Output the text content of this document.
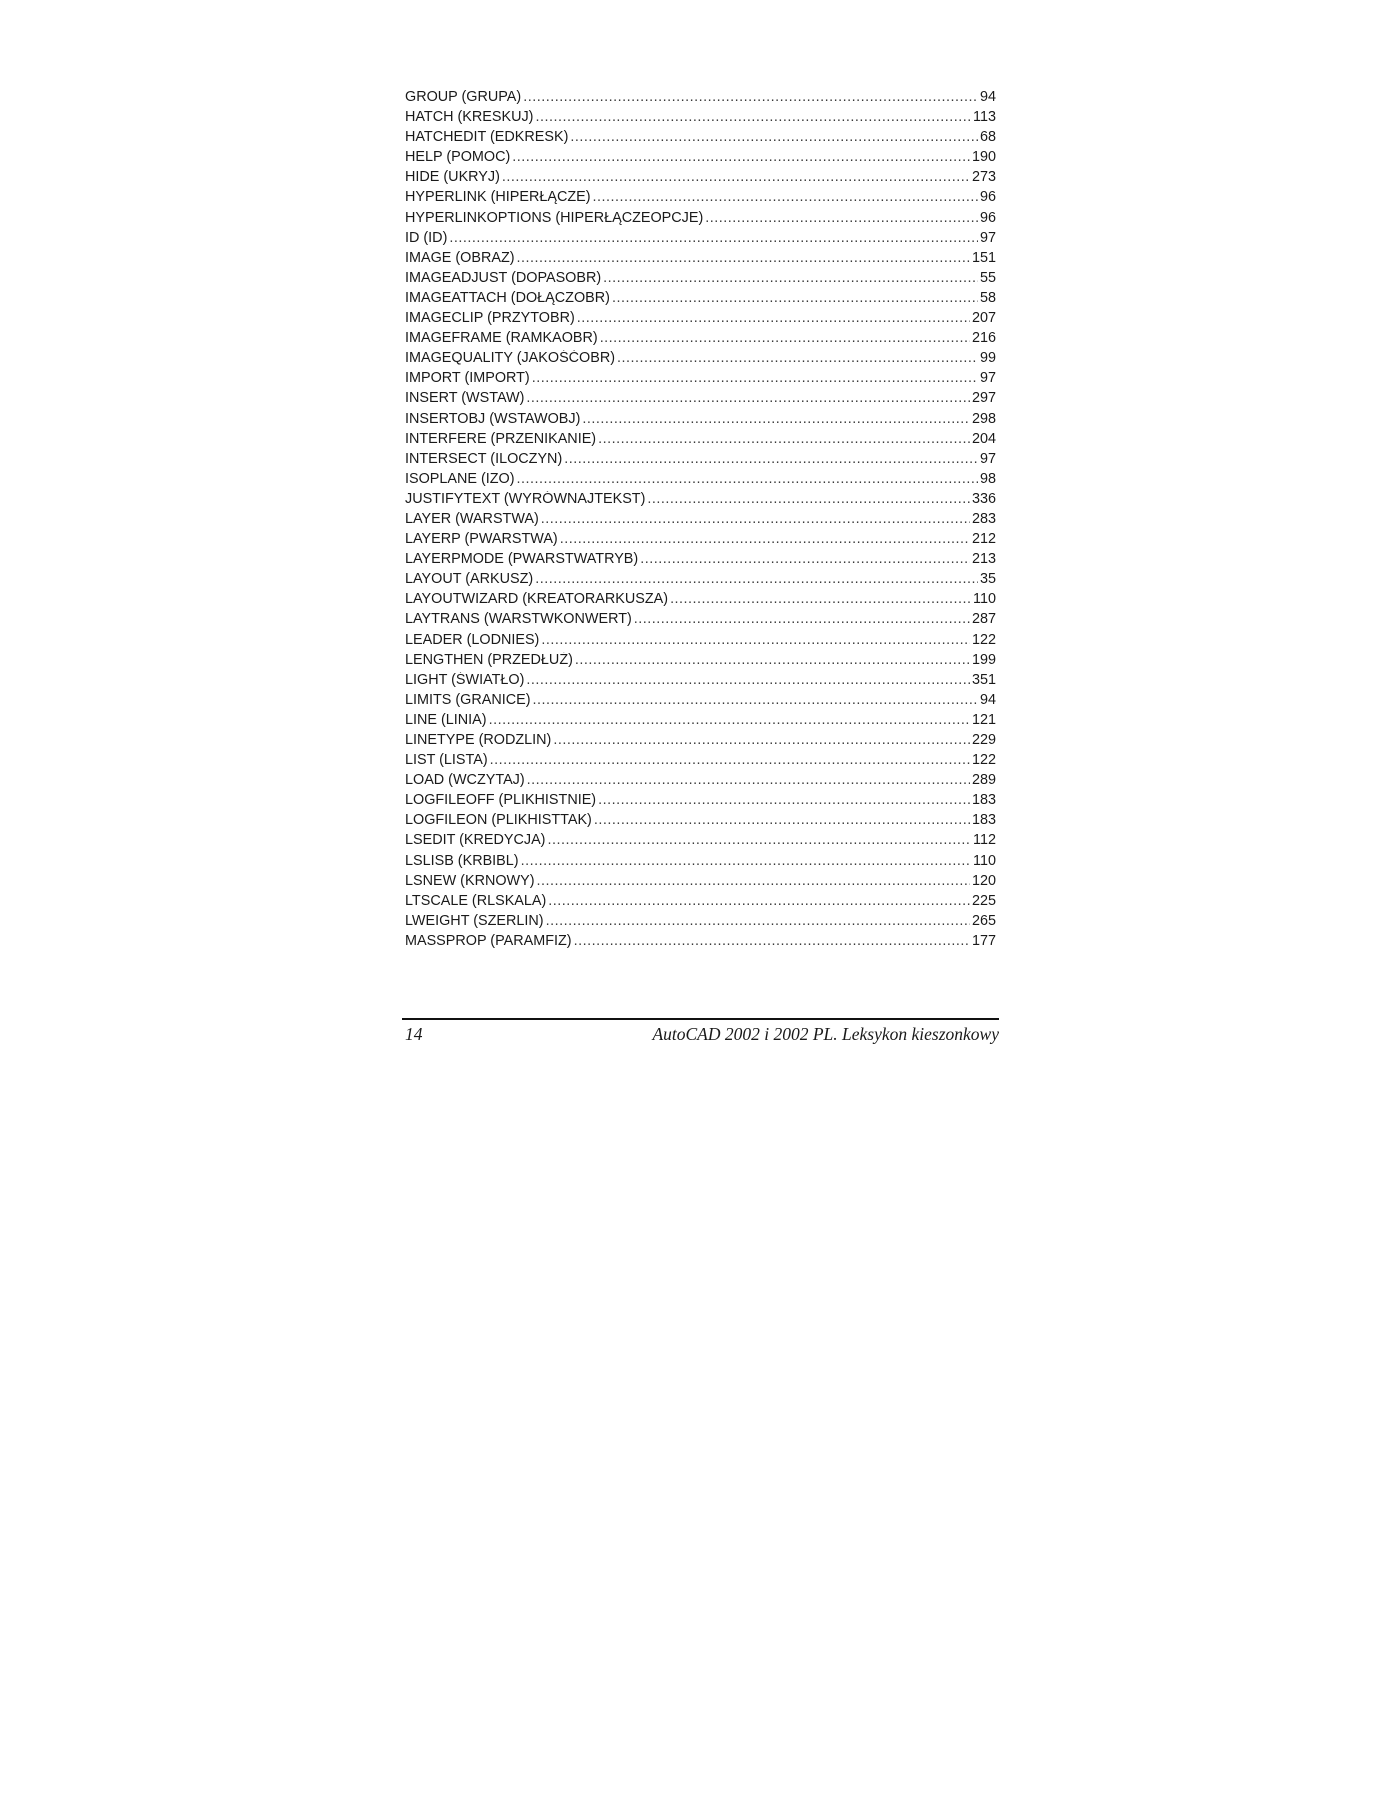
GROUP (GRUPA) .....	94
HATCH (KRESKUJ) .....	113
HATCHEDIT (EDKRESK) .....	68
HELP (POMOC) .....	190
HIDE (UKRYJ) .....	273
HYPERLINK (HIPERŁĄCZE) .....	96
HYPERLINKOPTIONS (HIPERŁĄCZEOPCJE) .....	96
ID (ID) .....	97
IMAGE (OBRAZ) .....	151
IMAGEADJUST (DOPASOBR) .....	55
IMAGEATTACH (DOŁĄCZOBR) .....	58
IMAGECLIP (PRZYTOBR) .....	207
IMAGEFRAME (RAMKAOBR) .....	216
IMAGEQUALITY (JAKOŚĆOBR) .....	99
IMPORT (IMPORT) .....	97
INSERT (WSTAW) .....	297
INSERTOBJ (WSTAWOBJ) .....	298
INTERFERE (PRZENIKANIE) .....	204
INTERSECT (ILOCZYN) .....	97
ISOPLANE (IZO) .....	98
JUSTIFYTEXT (WYRÓWNAJTEKST) .....	336
LAYER (WARSTWA) .....	283
LAYERP (PWARSTWA) .....	212
LAYERPMODE (PWARSTWATRYB) .....	213
LAYOUT (ARKUSZ) .....	35
LAYOUTWIZARD (KREATORARKUSZA) .....	110
LAYTRANS (WARSTWKONWERT) .....	287
LEADER (LODNIES) .....	122
LENGTHEN (PRZEDŁUŻ) .....	199
LIGHT (ŚWIATŁO) .....	351
LIMITS (GRANICE) .....	94
LINE (LINIA) .....	121
LINETYPE (RODZLIN) .....	229
LIST (LISTA) .....	122
LOAD (WCZYTAJ) .....	289
LOGFILEOFF (PLIKHISTNIE) .....	183
LOGFILEON (PLIKHISTTAK) .....	183
LSEDIT (KREDYCJA) .....	112
LSLISB (KRBIBL) .....	110
LSNEW (KRNOWY) .....	120
LTSCALE (RLSKALA) .....	225
LWEIGHT (SZERLIN) .....	265
MASSPROP (PARAMFIZ) .....	177
14	AutoCAD 2002 i 2002 PL. Leksykon kieszonkowy
